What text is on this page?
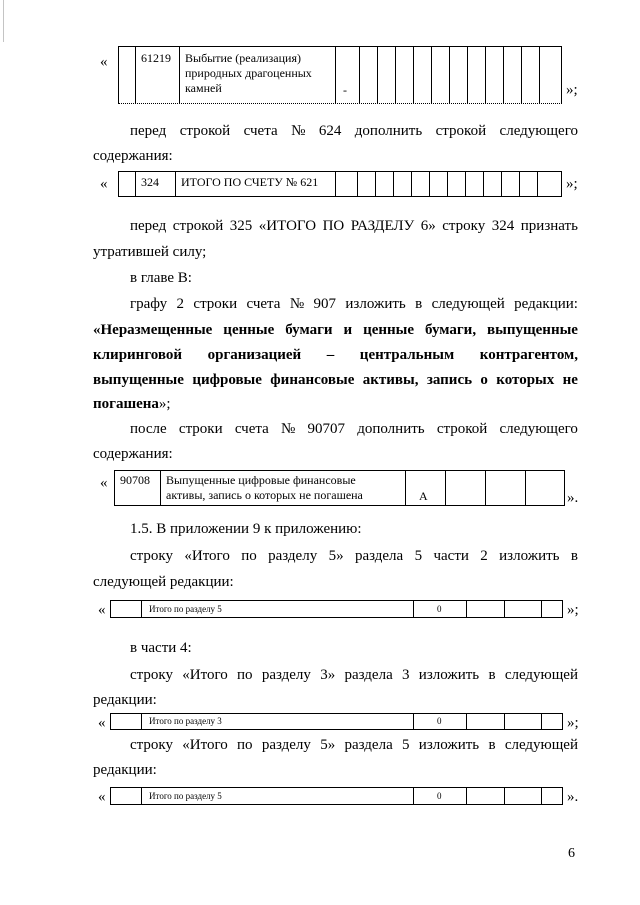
«	61219 Выбытие (реализация)
природных драгоценных
камней	-	»;
перед строкой счета № 624 дополнить строкой следующего
содержания:
«	324 ИТОГО ПО СЧЕТУ № 621	»;
перед строкой 325 «ИТОГО ПО РАЗДЕЛУ 6» строку 324 признать
утратившей силу;
в главе В:
графу 2 строки счета № 907 изложить в следующей редакции:
«Неразмещенные ценные бумаги и ценные бумаги, выпущенные
клиринговой организацией – центральным контрагентом,
выпущенные цифровые финансовые активы, запись о которых не
погашена»;
после строки счета № 90707 дополнить строкой следующего
содержания:
« 90708 Выпущенные цифровые финансовые
активы, запись о которых не погашена	А	».
1.5. В приложении 9 к приложению:
строку «Итого по разделу 5» раздела 5 части 2 изложить в
следующей редакции:
«	Итого по разделу 5	0	»;
в части 4:
строку «Итого по разделу 3» раздела 3 изложить в следующей
редакции:
«	Итого по разделу 3	0	»;
строку «Итого по разделу 5» раздела 5 изложить в следующей
редакции:
«	Итого по разделу 5	0	».
6
